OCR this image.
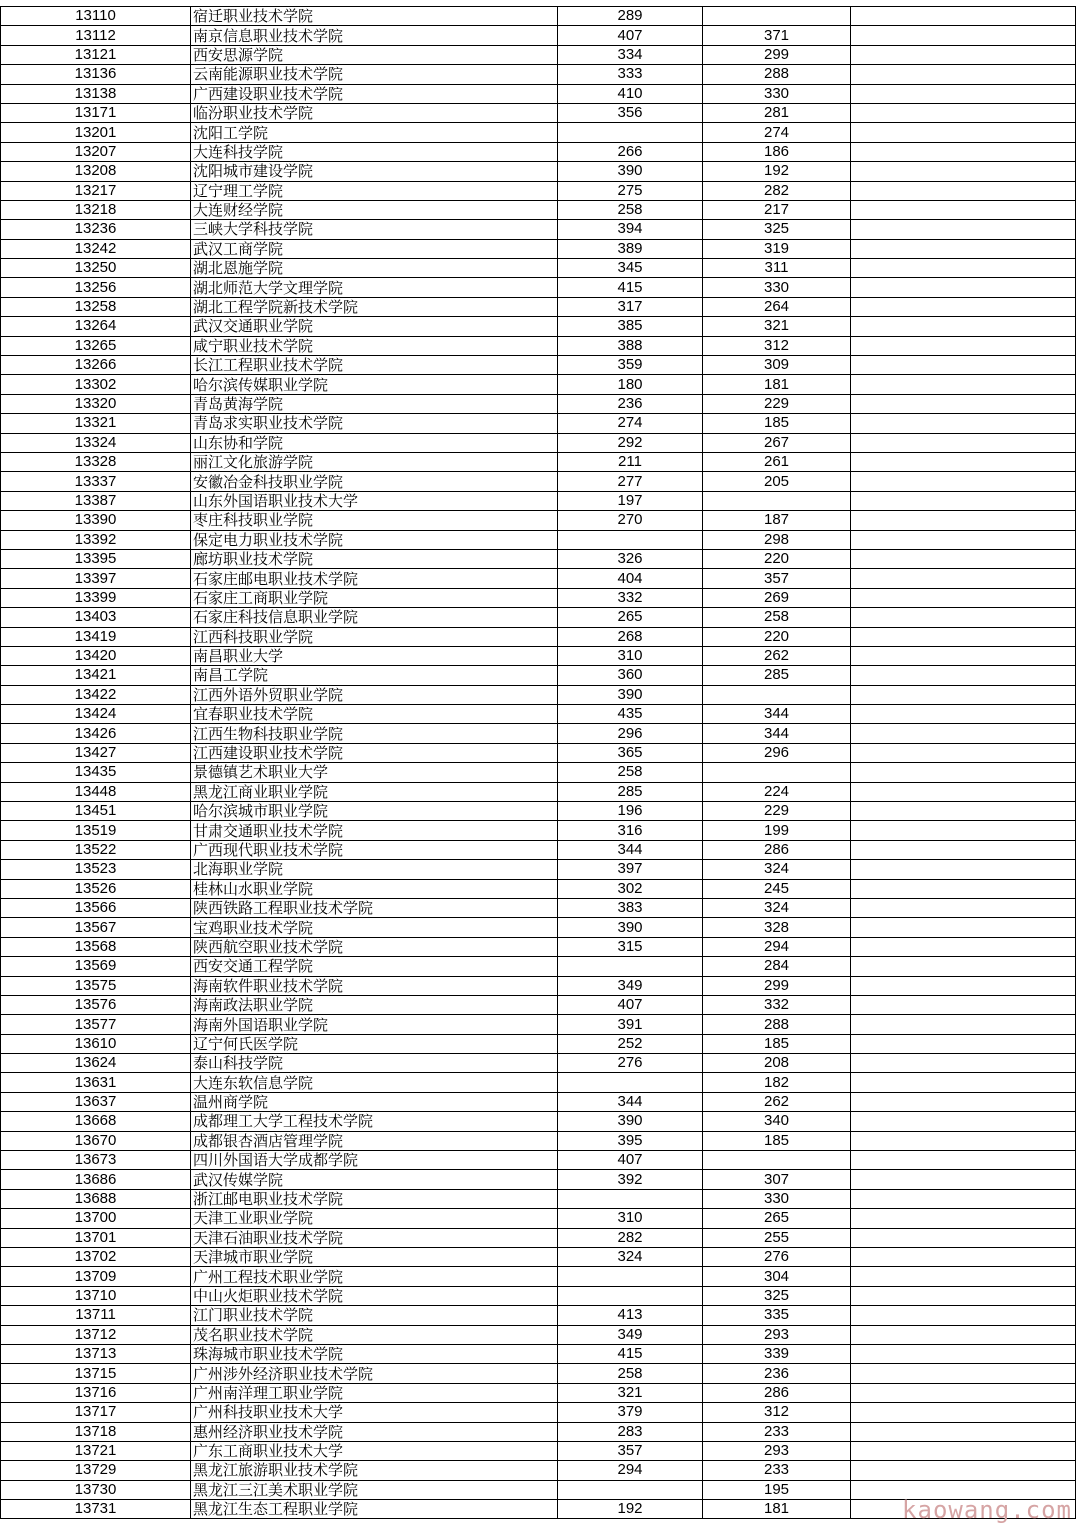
13110	宿迁职业技术学院	289		
13112	南京信息职业技术学院	407	371	
13121	西安思源学院	334	299	
13136	云南能源职业技术学院	333	288	
13138	广西建设职业技术学院	410	330	
13171	临汾职业技术学院	356	281	
13201	沈阳工学院		274	
13207	大连科技学院	266	186	
13208	沈阳城市建设学院	390	192	
13217	辽宁理工学院	275	282	
13218	大连财经学院	258	217	
13236	三峡大学科技学院	394	325	
13242	武汉工商学院	389	319	
13250	湖北恩施学院	345	311	
13256	湖北师范大学文理学院	415	330	
13258	湖北工程学院新技术学院	317	264	
13264	武汉交通职业学院	385	321	
13265	咸宁职业技术学院	388	312	
13266	长江工程职业技术学院	359	309	
13302	哈尔滨传媒职业学院	180	181	
13320	青岛黄海学院	236	229	
13321	青岛求实职业技术学院	274	185	
13324	山东协和学院	292	267	
13328	丽江文化旅游学院	211	261	
13337	安徽冶金科技职业学院	277	205	
13387	山东外国语职业技术大学	197		
13390	枣庄科技职业学院	270	187	
13392	保定电力职业技术学院		298	
13395	廊坊职业技术学院	326	220	
13397	石家庄邮电职业技术学院	404	357	
13399	石家庄工商职业学院	332	269	
13403	石家庄科技信息职业学院	265	258	
13419	江西科技职业学院	268	220	
13420	南昌职业大学	310	262	
13421	南昌工学院	360	285	
13422	江西外语外贸职业学院	390		
13424	宜春职业技术学院	435	344	
13426	江西生物科技职业学院	296	344	
13427	江西建设职业技术学院	365	296	
13435	景德镇艺术职业大学	258		
13448	黑龙江商业职业学院	285	224	
13451	哈尔滨城市职业学院	196	229	
13519	甘肃交通职业技术学院	316	199	
13522	广西现代职业技术学院	344	286	
13523	北海职业学院	397	324	
13526	桂林山水职业学院	302	245	
13566	陕西铁路工程职业技术学院	383	324	
13567	宝鸡职业技术学院	390	328	
13568	陕西航空职业技术学院	315	294	
13569	西安交通工程学院		284	
13575	海南软件职业技术学院	349	299	
13576	海南政法职业学院	407	332	
13577	海南外国语职业学院	391	288	
13610	辽宁何氏医学院	252	185	
13624	泰山科技学院	276	208	
13631	大连东软信息学院		182	
13637	温州商学院	344	262	
13668	成都理工大学工程技术学院	390	340	
13670	成都银杏酒店管理学院	395	185	
13673	四川外国语大学成都学院	407		
13686	武汉传媒学院	392	307	
13688	浙江邮电职业技术学院		330	
13700	天津工业职业学院	310	265	
13701	天津石油职业技术学院	282	255	
13702	天津城市职业学院	324	276	
13709	广州工程技术职业学院		304	
13710	中山火炬职业技术学院		325	
13711	江门职业技术学院	413	335	
13712	茂名职业技术学院	349	293	
13713	珠海城市职业技术学院	415	339	
13715	广州涉外经济职业技术学院	258	236	
13716	广州南洋理工职业学院	321	286	
13717	广州科技职业技术大学	379	312	
13718	惠州经济职业技术学院	283	233	
13721	广东工商职业技术大学	357	293	
13729	黑龙江旅游职业技术学院	294	233	
13730	黑龙江三江美术职业学院		195	
13731	黑龙江生态工程职业学院	192	181		kaowang.com
